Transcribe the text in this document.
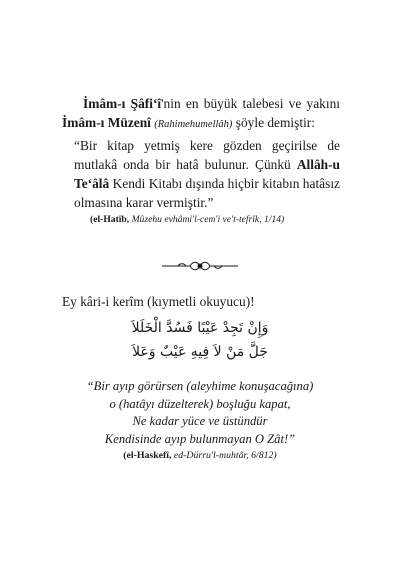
İmâm-ı Şâfiʻî'nin en büyük talebesi ve yakını İmâm-ı Müzenî (Rahimehumellâh) şöyle demiştir:
“Bir kitap yetmiş kere gözden geçirilse de mutlakâ onda bir hatâ bulunur. Çünkü Allâh-u Teʻâlâ Kendi Kitabı dışında hiçbir kitabın hatâsız olmasına karar vermiştir.”
(el-Hatîb, Mûzehu evhâmi'l-cem'i ve't-tefrîk, 1/14)
Ey kâri-i kerîm (kıymetli okuyucu)!
وَإِنْ تَجِدْ عَيْبًا فَسُدَّ الْخَلَلاَ
جَلَّ مَنْ لاَ فِيهِ عَيْبٌ وَعَلاَ
“Bir ayıp görürsen (aleyhime konuşacağına)
o (hatâyı düzelterek) boşluğu kapat,
Ne kadar yüce ve üstündür
Kendisinde ayıp bulunmayan O Zât!”
(el-Haskefî, ed-Dürru'l-muhtâr, 6/812)
